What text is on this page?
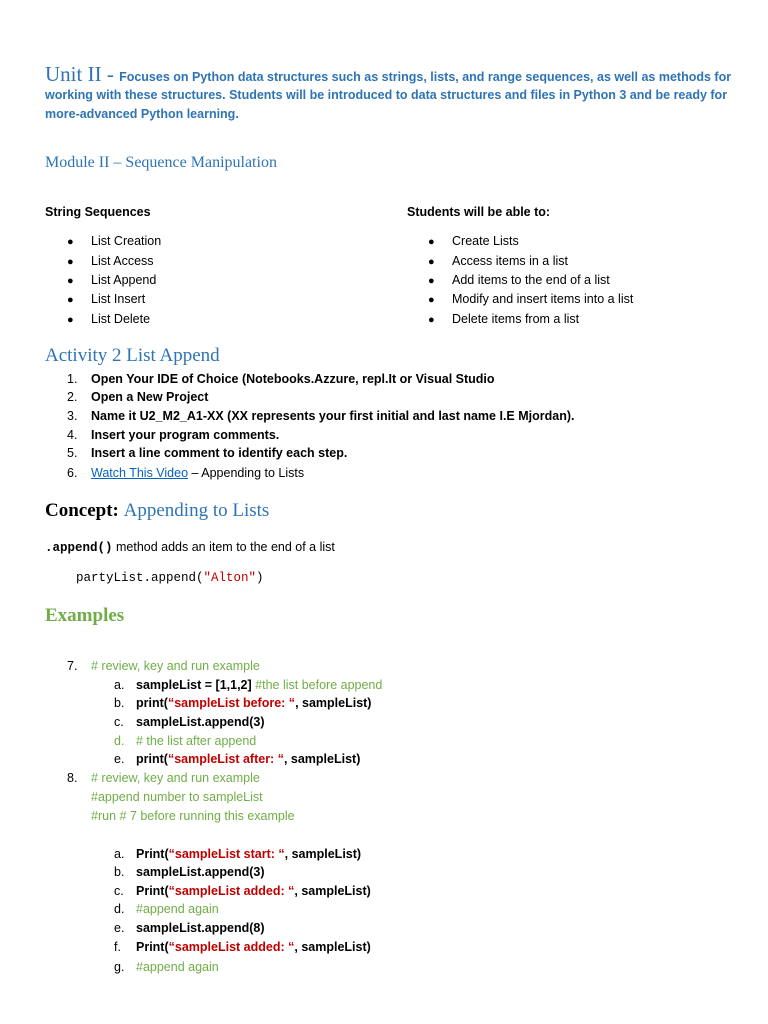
Unit II - Focuses on Python data structures such as strings, lists, and range sequences, as well as methods for
working with these structures. Students will be introduced to data structures and files in Python 3 and be ready for
more-advanced Python learning.
Module II – Sequence Manipulation
String Sequences
● List Creation
● List Access
● List Append
● List Insert
● List Delete
Students will be able to:
● Create Lists
● Access items in a list
● Add items to the end of a list
● Modify and insert items into a list
● Delete items from a list
Activity 2 List Append
1. Open Your IDE of Choice (Notebooks.Azzure, repl.It or Visual Studio
2. Open a New Project
3. Name it U2_M2_A1-XX (XX represents your first initial and last name I.E Mjordan).
4. Insert your program comments.
5. Insert a line comment to identify each step.
6. Watch This Video – Appending to Lists
Concept: Appending to Lists
.append() method adds an item to the end of a list
partyList.append("Alton")
Examples
7. # review, key and run example
a. sampleList = [1,1,2] #the list before append
b. print(“sampleList before: “, sampleList)
c. sampleList.append(3)
d. # the list after append
e. print(“sampleList after: “, sampleList)
8. # review, key and run example
#append number to sampleList
#run # 7 before running this example
a. Print(“sampleList start: “, sampleList)
b. sampleList.append(3)
c. Print(“sampleList added: “, sampleList)
d. #append again
e. sampleList.append(8)
f. Print(“sampleList added: “, sampleList)
g. #append again
